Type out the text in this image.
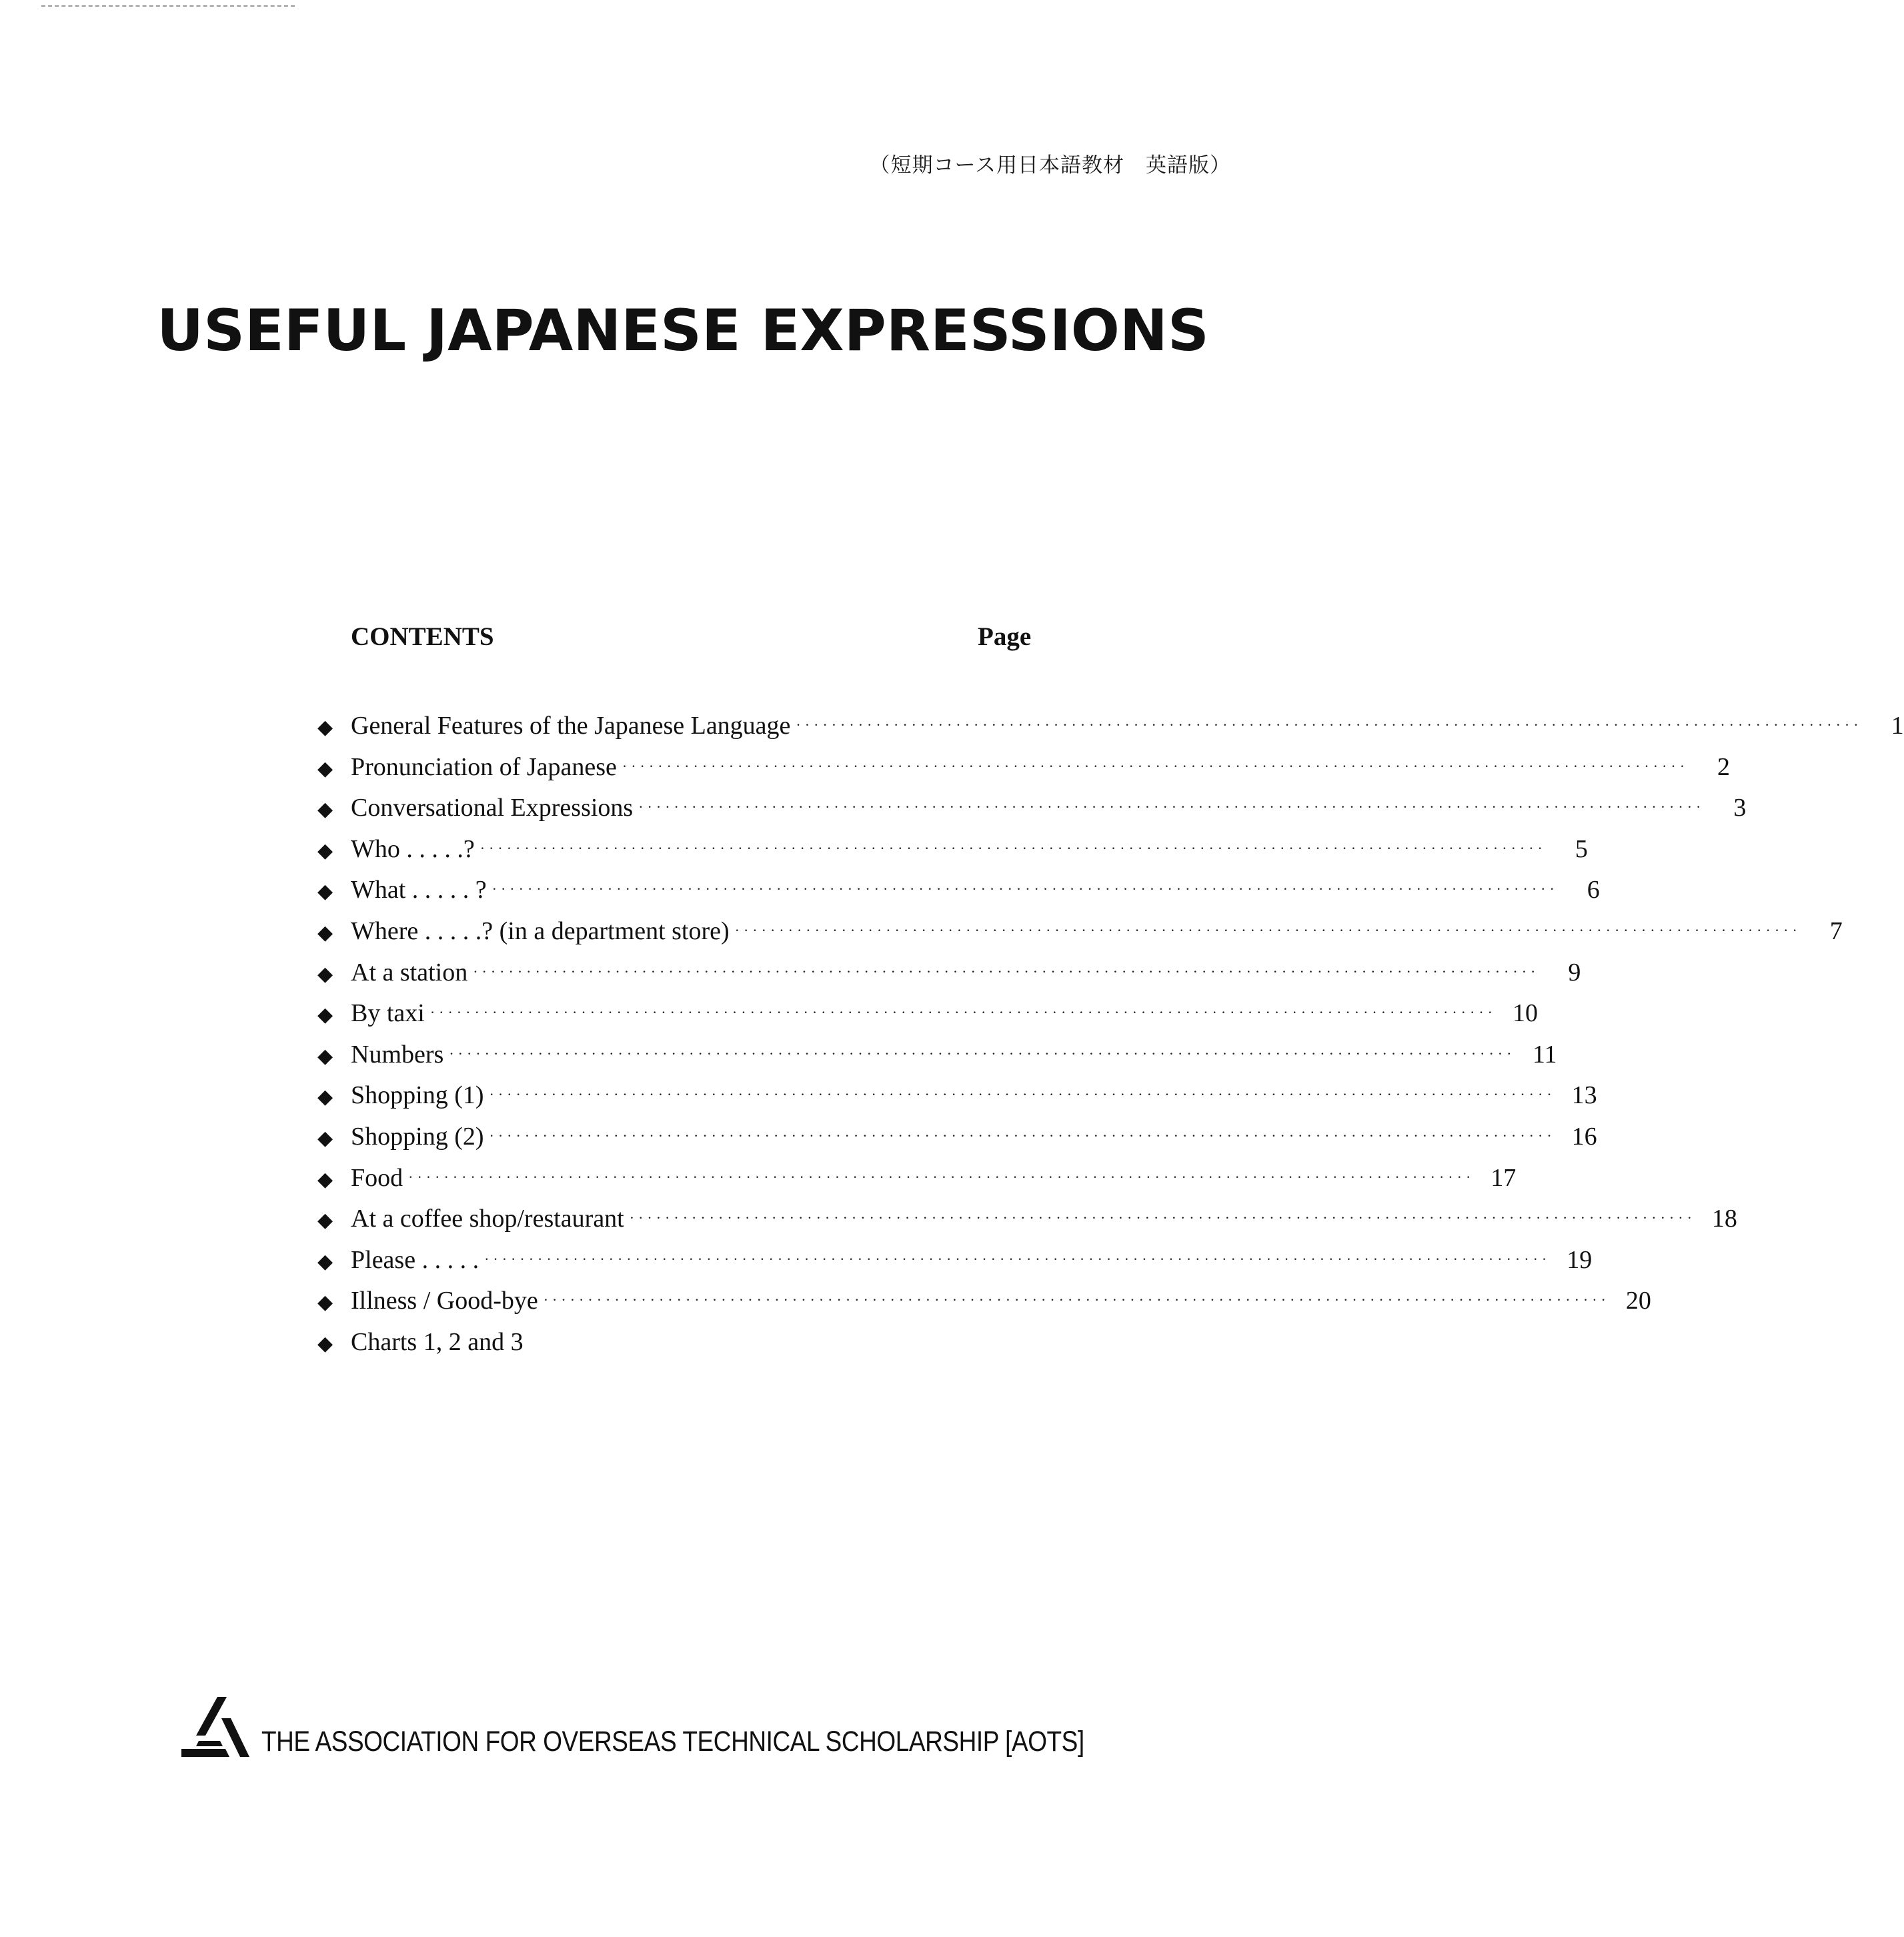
（短期コース用日本語教材　英語版）
USEFUL JAPANESE EXPRESSIONS
CONTENTS	Page
◆ General Features of the Japanese Language ························································································································	1
◆ Pronunciation of Japanese ························································································································	2
◆ Conversational Expressions ························································································································	3
◆ Who . . . . .? ························································································································	5
◆ What . . . . . ? ························································································································	6
◆ Where . . . . .? (in a department store) ························································································································	7
◆ At a station ························································································································	9
◆ By taxi ························································································································ 10
◆ Numbers ························································································································ 11
◆ Shopping (1) ························································································································ 13
◆ Shopping (2) ························································································································ 16
◆ Food ························································································································ 17
◆ At a coffee shop/restaurant ························································································································ 18
◆ Please . . . . . ························································································································ 19
◆ Illness / Good-bye ························································································································ 20
◆ Charts 1, 2 and 3
THE ASSOCIATION FOR OVERSEAS TECHNICAL SCHOLARSHIP [AOTS]
